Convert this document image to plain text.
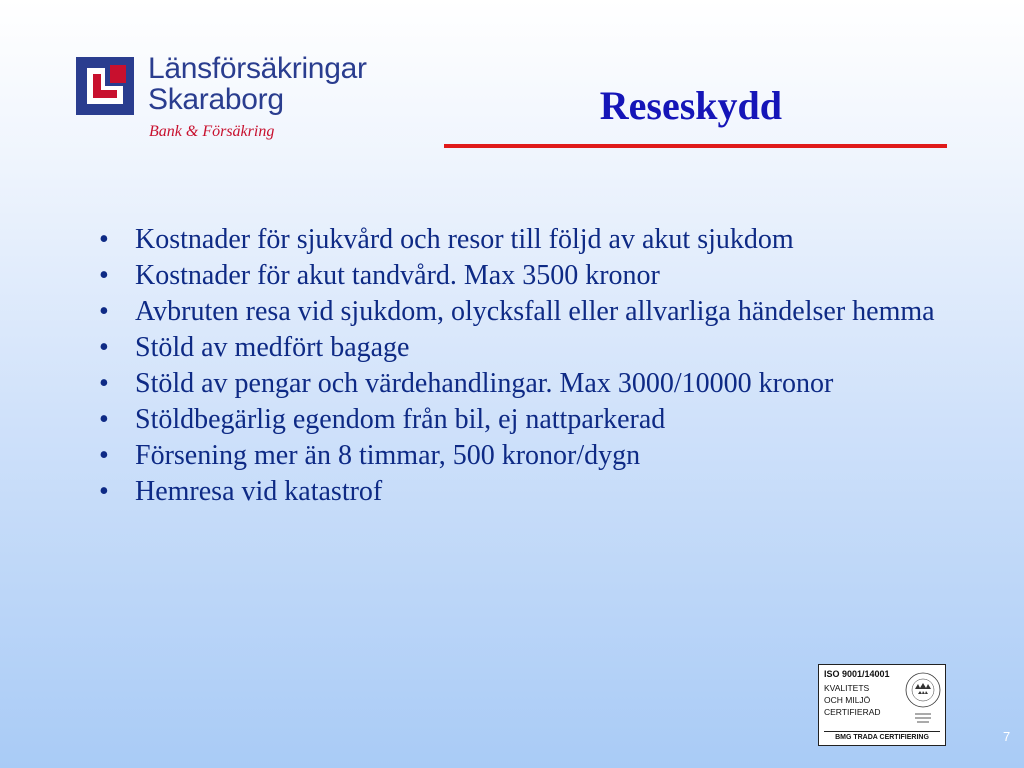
Länsförsäkringar
Skaraborg
Bank & Försäkring
Reseskydd
• Kostnader för sjukvård och resor till följd av akut sjukdom
• Kostnader för akut tandvård. Max 3500 kronor
• Avbruten resa vid sjukdom, olycksfall eller allvarliga händelser hemma
• Stöld av medfört bagage
• Stöld av pengar och värdehandlingar. Max 3000/10000 kronor
• Stöldbegärlig egendom från bil, ej nattparkerad
• Försening mer än 8 timmar, 500 kronor/dygn
• Hemresa vid katastrof
ISO 9001/14001
KVALITETS
OCH MILJÖ
CERTIFIERAD
BMG TRADA CERTIFIERING	7
